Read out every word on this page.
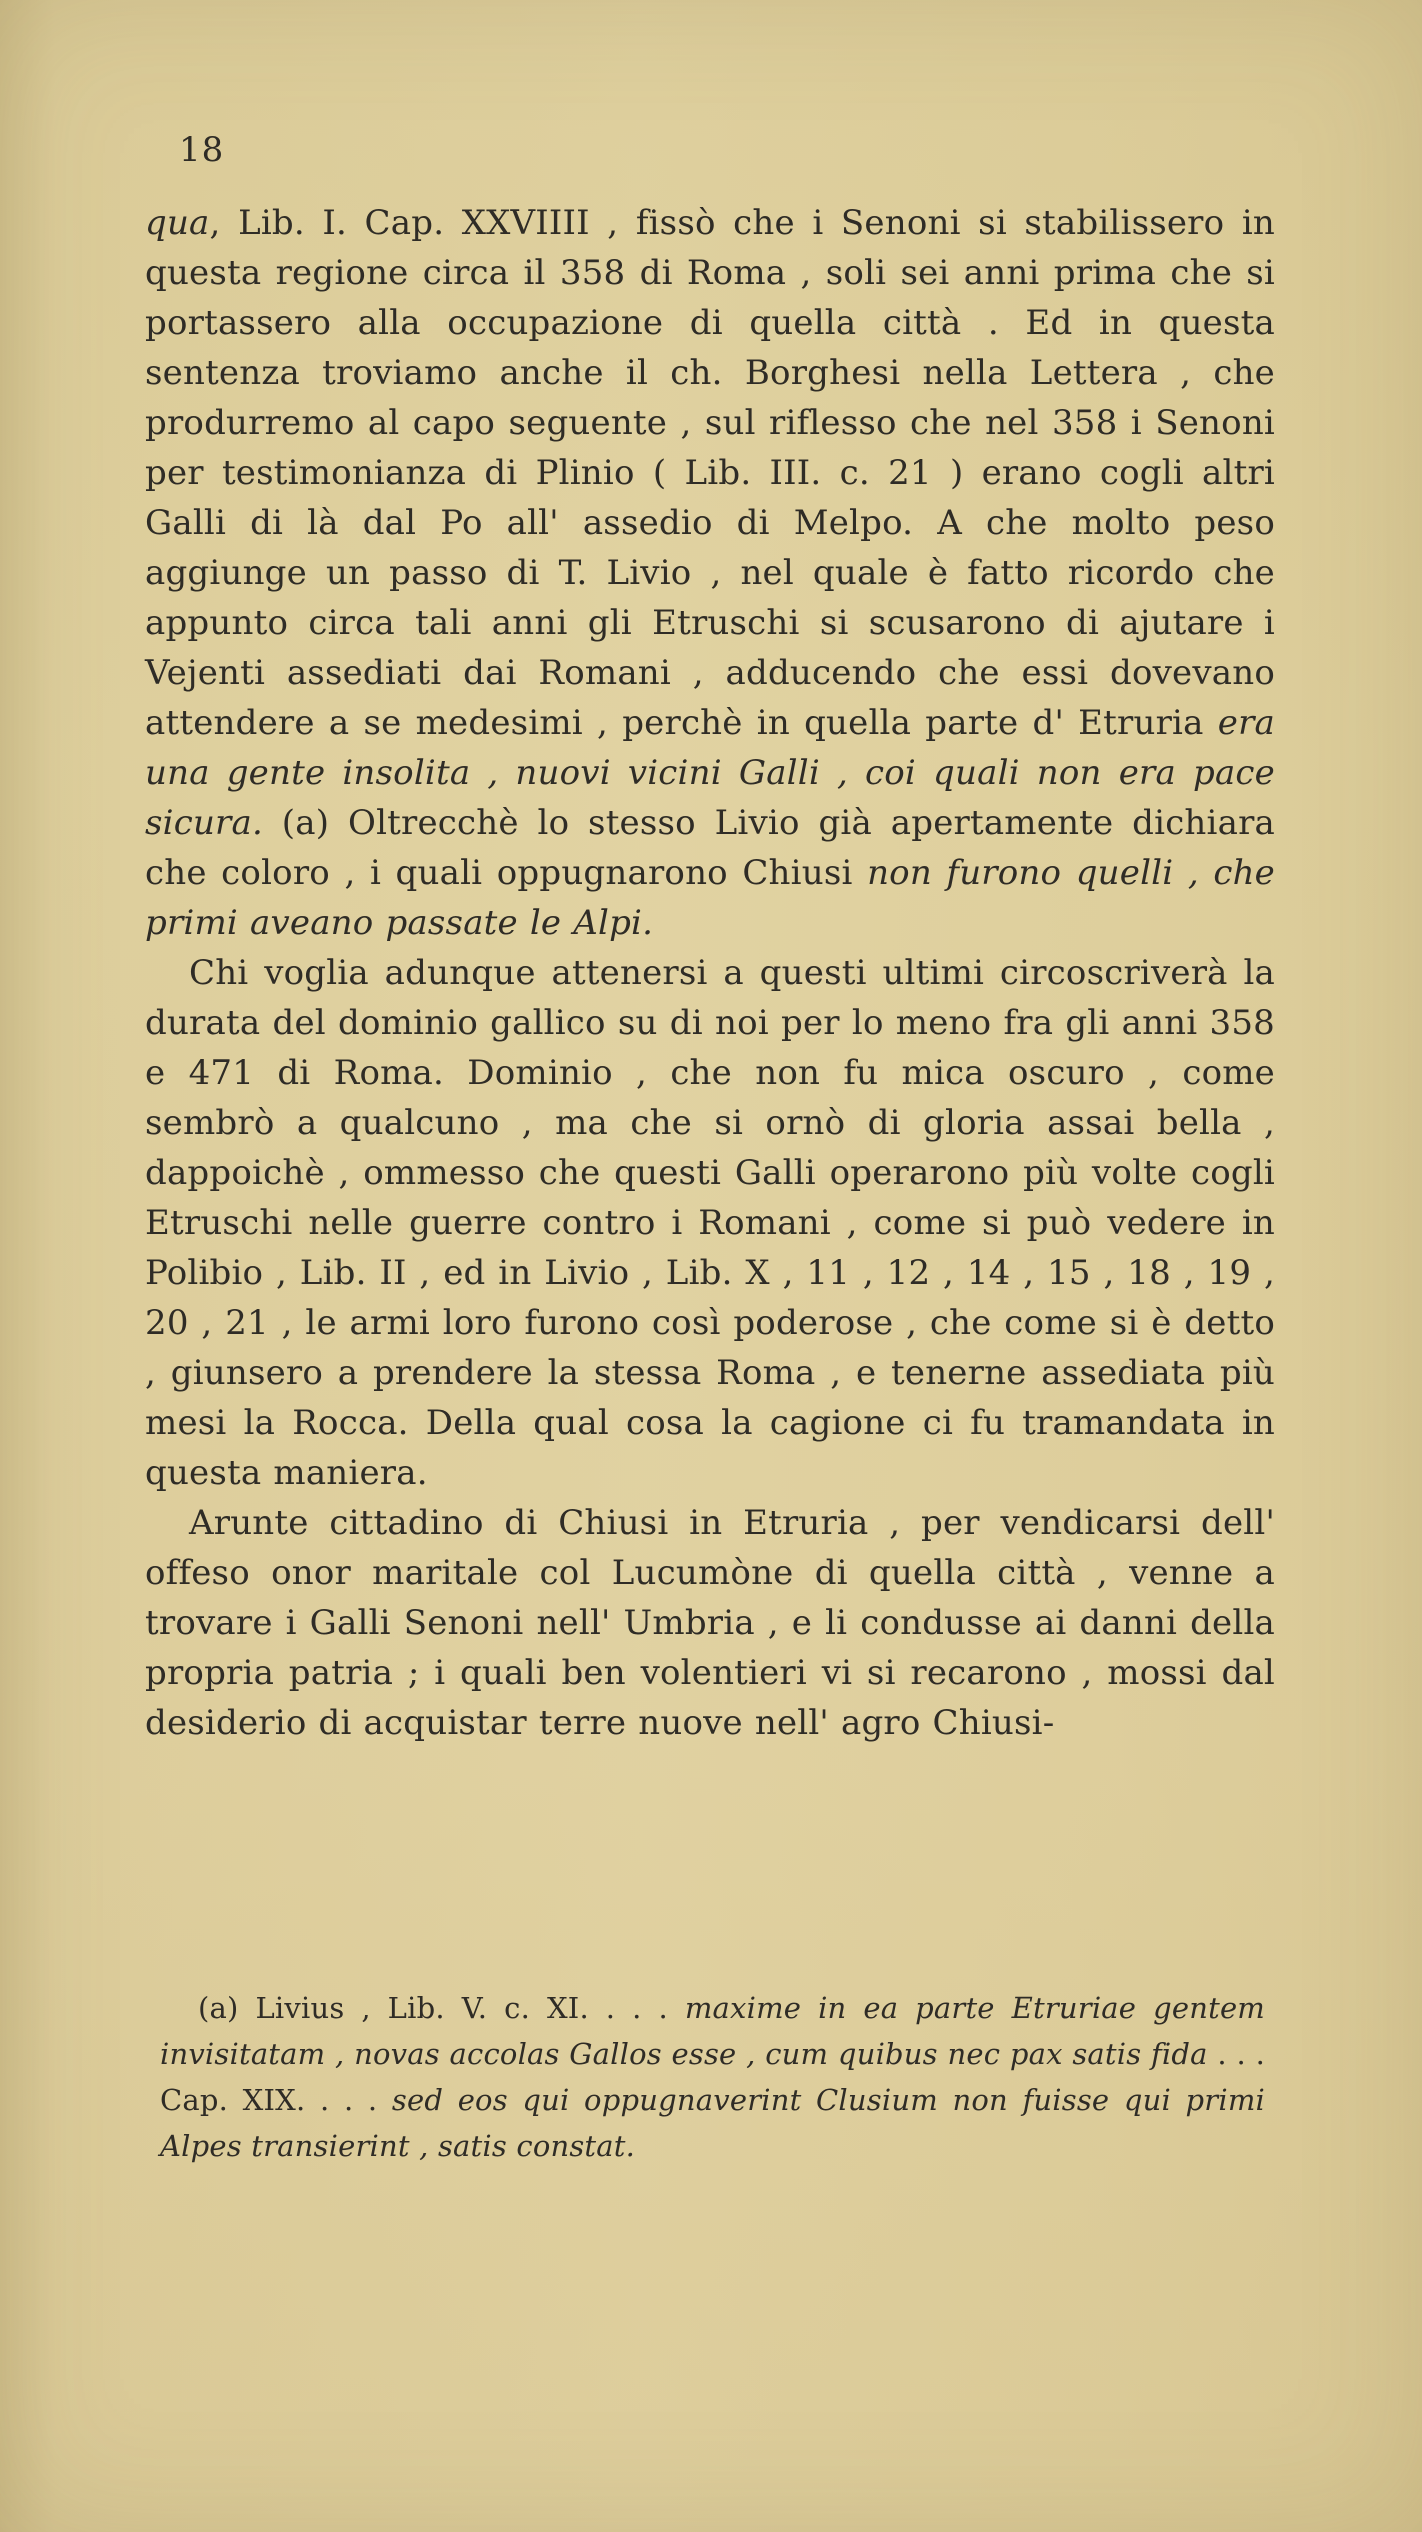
18

qua, Lib. I. Cap. XXVIIII , fissò che i Senoni si stabilissero in questa regione circa il 358 di Roma , soli sei anni prima che si portassero alla occupazione di quella città . Ed in questa sentenza troviamo anche il ch. Borghesi nella Lettera , che produrremo al capo seguente , sul riflesso che nel 358 i Senoni per testimonianza di Plinio ( Lib. III. c. 21 ) erano cogli altri Galli di là dal Po all' assedio di Melpo. A che molto peso aggiunge un passo di T. Livio , nel quale è fatto ricordo che appunto circa tali anni gli Etruschi si scusarono di ajutare i Vejenti assediati dai Romani , adducendo che essi dovevano attendere a se medesimi , perchè in quella parte d' Etruria era una gente insolita , nuovi vicini Galli , coi quali non era pace sicura. (a) Oltrecchè lo stesso Livio già apertamente dichiara che coloro , i quali oppugnarono Chiusi non furono quelli , che primi aveano passate le Alpi.

Chi voglia adunque attenersi a questi ultimi circoscriverà la durata del dominio gallico su di noi per lo meno fra gli anni 358 e 471 di Roma. Dominio , che non fu mica oscuro , come sembrò a qualcuno , ma che si ornò di gloria assai bella , dappoichè , ommesso che questi Galli operarono più volte cogli Etruschi nelle guerre contro i Romani , come si può vedere in Polibio , Lib. II , ed in Livio , Lib. X , 11 , 12 , 14 , 15 , 18 , 19 , 20 , 21 , le armi loro furono così poderose , che come si è detto , giunsero a prendere la stessa Roma , e tenerne assediata più mesi la Rocca. Della qual cosa la cagione ci fu tramandata in questa maniera.

Arunte cittadino di Chiusi in Etruria , per vendicarsi dell' offeso onor maritale col Lucumòne di quella città , venne a trovare i Galli Senoni nell' Umbria , e li condusse ai danni della propria patria ; i quali ben volentieri vi si recarono , mossi dal desiderio di acquistar terre nuove nell' agro Chiusi-

(a) Livius , Lib. V. c. XI. . . . maxime in ea parte Etruriae gentem invisitatam , novas accolas Gallos esse , cum quibus nec pax satis fida . . . Cap. XIX. . . . sed eos qui oppugnaverint Clusium non fuisse qui primi Alpes transierint , satis constat.
